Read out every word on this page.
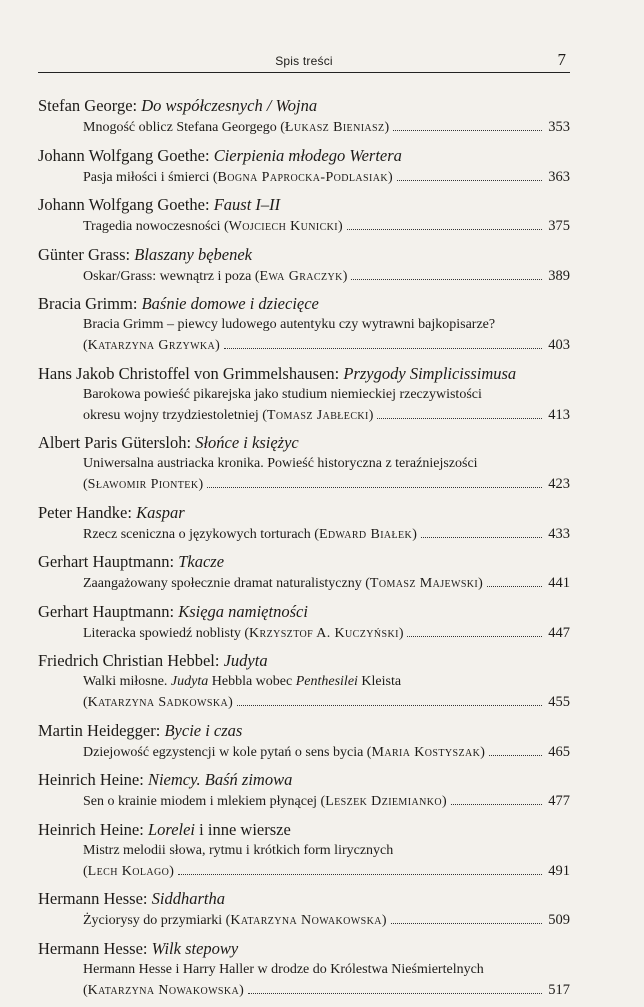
Spis treści	7
Stefan George: Do współczesnych / Wojna
Mnogość oblicz Stefana Georgego (Łukasz Bieniasz)	353
Johann Wolfgang Goethe: Cierpienia młodego Wertera
Pasja miłości i śmierci (Bogna Paprocka-Podlasiak)	363
Johann Wolfgang Goethe: Faust I–II
Tragedia nowoczesności (Wojciech Kunicki)	375
Günter Grass: Blaszany bębenek
Oskar/Grass: wewnątrz i poza (Ewa Graczyk)	389
Bracia Grimm: Baśnie domowe i dziecięce
Bracia Grimm – piewcy ludowego autentyku czy wytrawni bajkopisarze?
(Katarzyna Grzywka)	403
Hans Jakob Christoffel von Grimmelshausen: Przygody Simplicissimusa
Barokowa powieść pikarejska jako studium niemieckiej rzeczywistości
okresu wojny trzydziestoletniej (Tomasz Jabłecki)	413
Albert Paris Gütersloh: Słońce i księżyc
Uniwersalna austriacka kronika. Powieść historyczna z teraźniejszości
(Sławomir Piontek)	423
Peter Handke: Kaspar
Rzecz sceniczna o językowych torturach (Edward Białek)	433
Gerhart Hauptmann: Tkacze
Zaangażowany społecznie dramat naturalistyczny (Tomasz Majewski)	441
Gerhart Hauptmann: Księga namiętności
Literacka spowiedź noblisty (Krzysztof A. Kuczyński)	447
Friedrich Christian Hebbel: Judyta
Walki miłosne. Judyta Hebbla wobec Penthesilei Kleista
(Katarzyna Sadkowska)	455
Martin Heidegger: Bycie i czas
Dziejowość egzystencji w kole pytań o sens bycia (Maria Kostyszak)	465
Heinrich Heine: Niemcy. Baśń zimowa
Sen o krainie miodem i mlekiem płynącej (Leszek Dziemianko)	477
Heinrich Heine: Lorelei i inne wiersze
Mistrz melodii słowa, rytmu i krótkich form lirycznych
(Lech Kolago)	491
Hermann Hesse: Siddhartha
Życiorysy do przymiarki (Katarzyna Nowakowska)	509
Hermann Hesse: Wilk stepowy
Hermann Hesse i Harry Haller w drodze do Królestwa Nieśmiertelnych
(Katarzyna Nowakowska)	517
